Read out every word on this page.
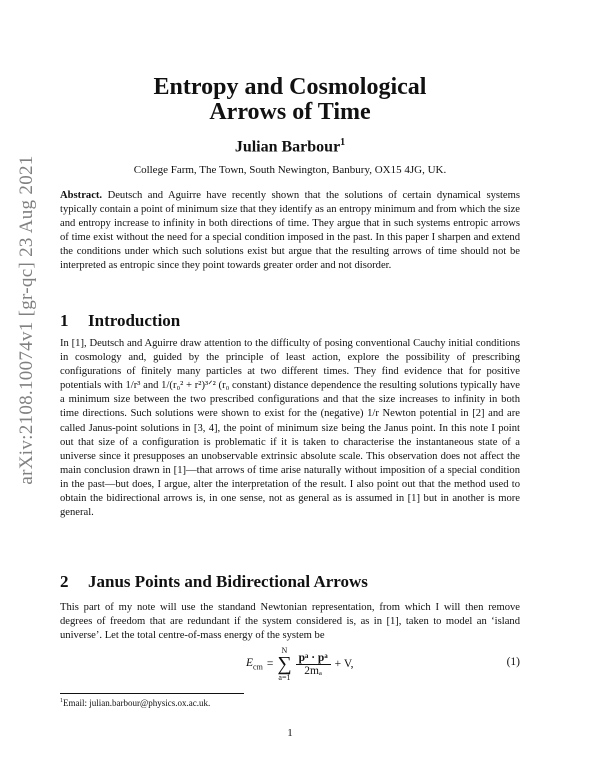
arXiv:2108.10074v1 [gr-qc] 23 Aug 2021
Entropy and Cosmological
Arrows of Time
Julian Barbour$^1$
College Farm, The Town, South Newington, Banbury, OX15 4JG, UK.
Abstract. Deutsch and Aguirre have recently shown that the solutions of certain dynamical systems typically contain a point of minimum size that they identify as an entropy minimum and from which the size and entropy increase to infinity in both directions of time. They argue that in such systems entropic arrows of time exist without the need for a special condition imposed in the past. In this paper I sharpen and extend the conditions under which such solutions exist but argue that the resulting arrows of time should not be interpreted as entropic since they point towards greater order and not disorder.
1 Introduction
In [1], Deutsch and Aguirre draw attention to the difficulty of posing conventional Cauchy initial conditions in cosmology and, guided by the principle of least action, explore the possibility of prescribing configurations of finitely many particles at two different times. They find evidence that for positive potentials with 1/r³ and 1/(r₀² + r²)³ᐟ² (r₀ constant) distance dependence the resulting solutions typically have a minimum size between the two prescribed configurations and that the size increases to infinity in both time directions. Such solutions were shown to exist for the (negative) 1/r Newton potential in [2] and are called Janus-point solutions in [3, 4], the point of minimum size being the Janus point. In this note I point out that size of a configuration is problematic if it is taken to characterise the instantaneous state of a universe since it presupposes an unobservable extrinsic absolute scale. This observation does not affect the main conclusion drawn in [1]—that arrows of time arise naturally without imposition of a special condition in the past—but does, I argue, alter the interpretation of the result. I also point out that the method used to obtain the bidirectional arrows is, in one sense, not as general as is assumed in [1] but in another is more general.
2 Janus Points and Bidirectional Arrows
This part of my note will use the standand Newtonian representation, from which I will then remove degrees of freedom that are redundant if the system considered is, as in [1], taken to model an ‘island universe’. Let the total centre-of-mass energy of the system be
$E_{cm}$ =
N
∑
a=1
$\frac{\text{pᵃ · pᵃ}}{\text{2mₐ}} + V$,	(1)
$^1$Email: julian.barbour@physics.ox.ac.uk.
1
